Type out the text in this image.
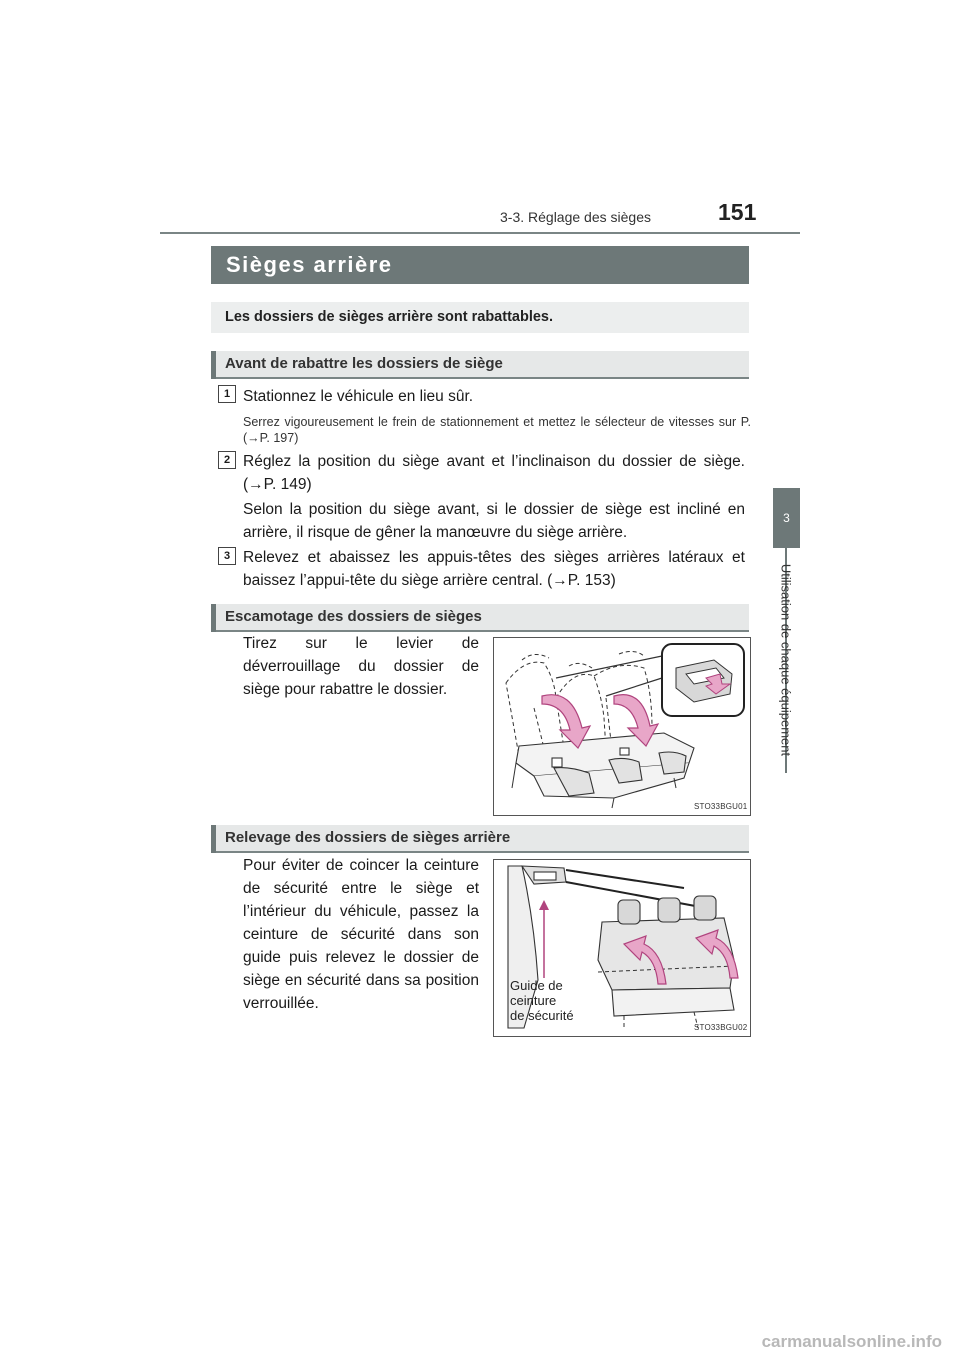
3-3. Réglage des sièges	151
3
Utilisation de chaque équipement
Sièges arrière
Les dossiers de sièges arrière sont rabattables.
Avant de rabattre les dossiers de siège
1 Stationnez le véhicule en lieu sûr.
Serrez vigoureusement le frein de stationnement et mettez le sélecteur de vitesses sur P. (→P. 197)
2 Réglez la position du siège avant et l’inclinaison du dossier de siège. (→P. 149)
Selon la position du siège avant, si le dossier de siège est incliné en arrière, il risque de gêner la manœuvre du siège arrière.
3 Relevez et abaissez les appuis-têtes des sièges arrières latéraux et baissez l’appui-tête du siège arrière central. (→P. 153)
Escamotage des dossiers de sièges
Tirez sur le levier de déverrouillage du dossier de siège pour rabattre le dossier.
STO33BGU01
Relevage des dossiers de sièges arrière
Pour éviter de coincer la ceinture de sécurité entre le siège et l’intérieur du véhicule, passez la ceinture de sécurité dans son guide puis relevez le dossier de siège en sécurité dans sa position verrouillée.
Guide de
ceinture
de sécurité
STO33BGU02
carmanualsonline.info
